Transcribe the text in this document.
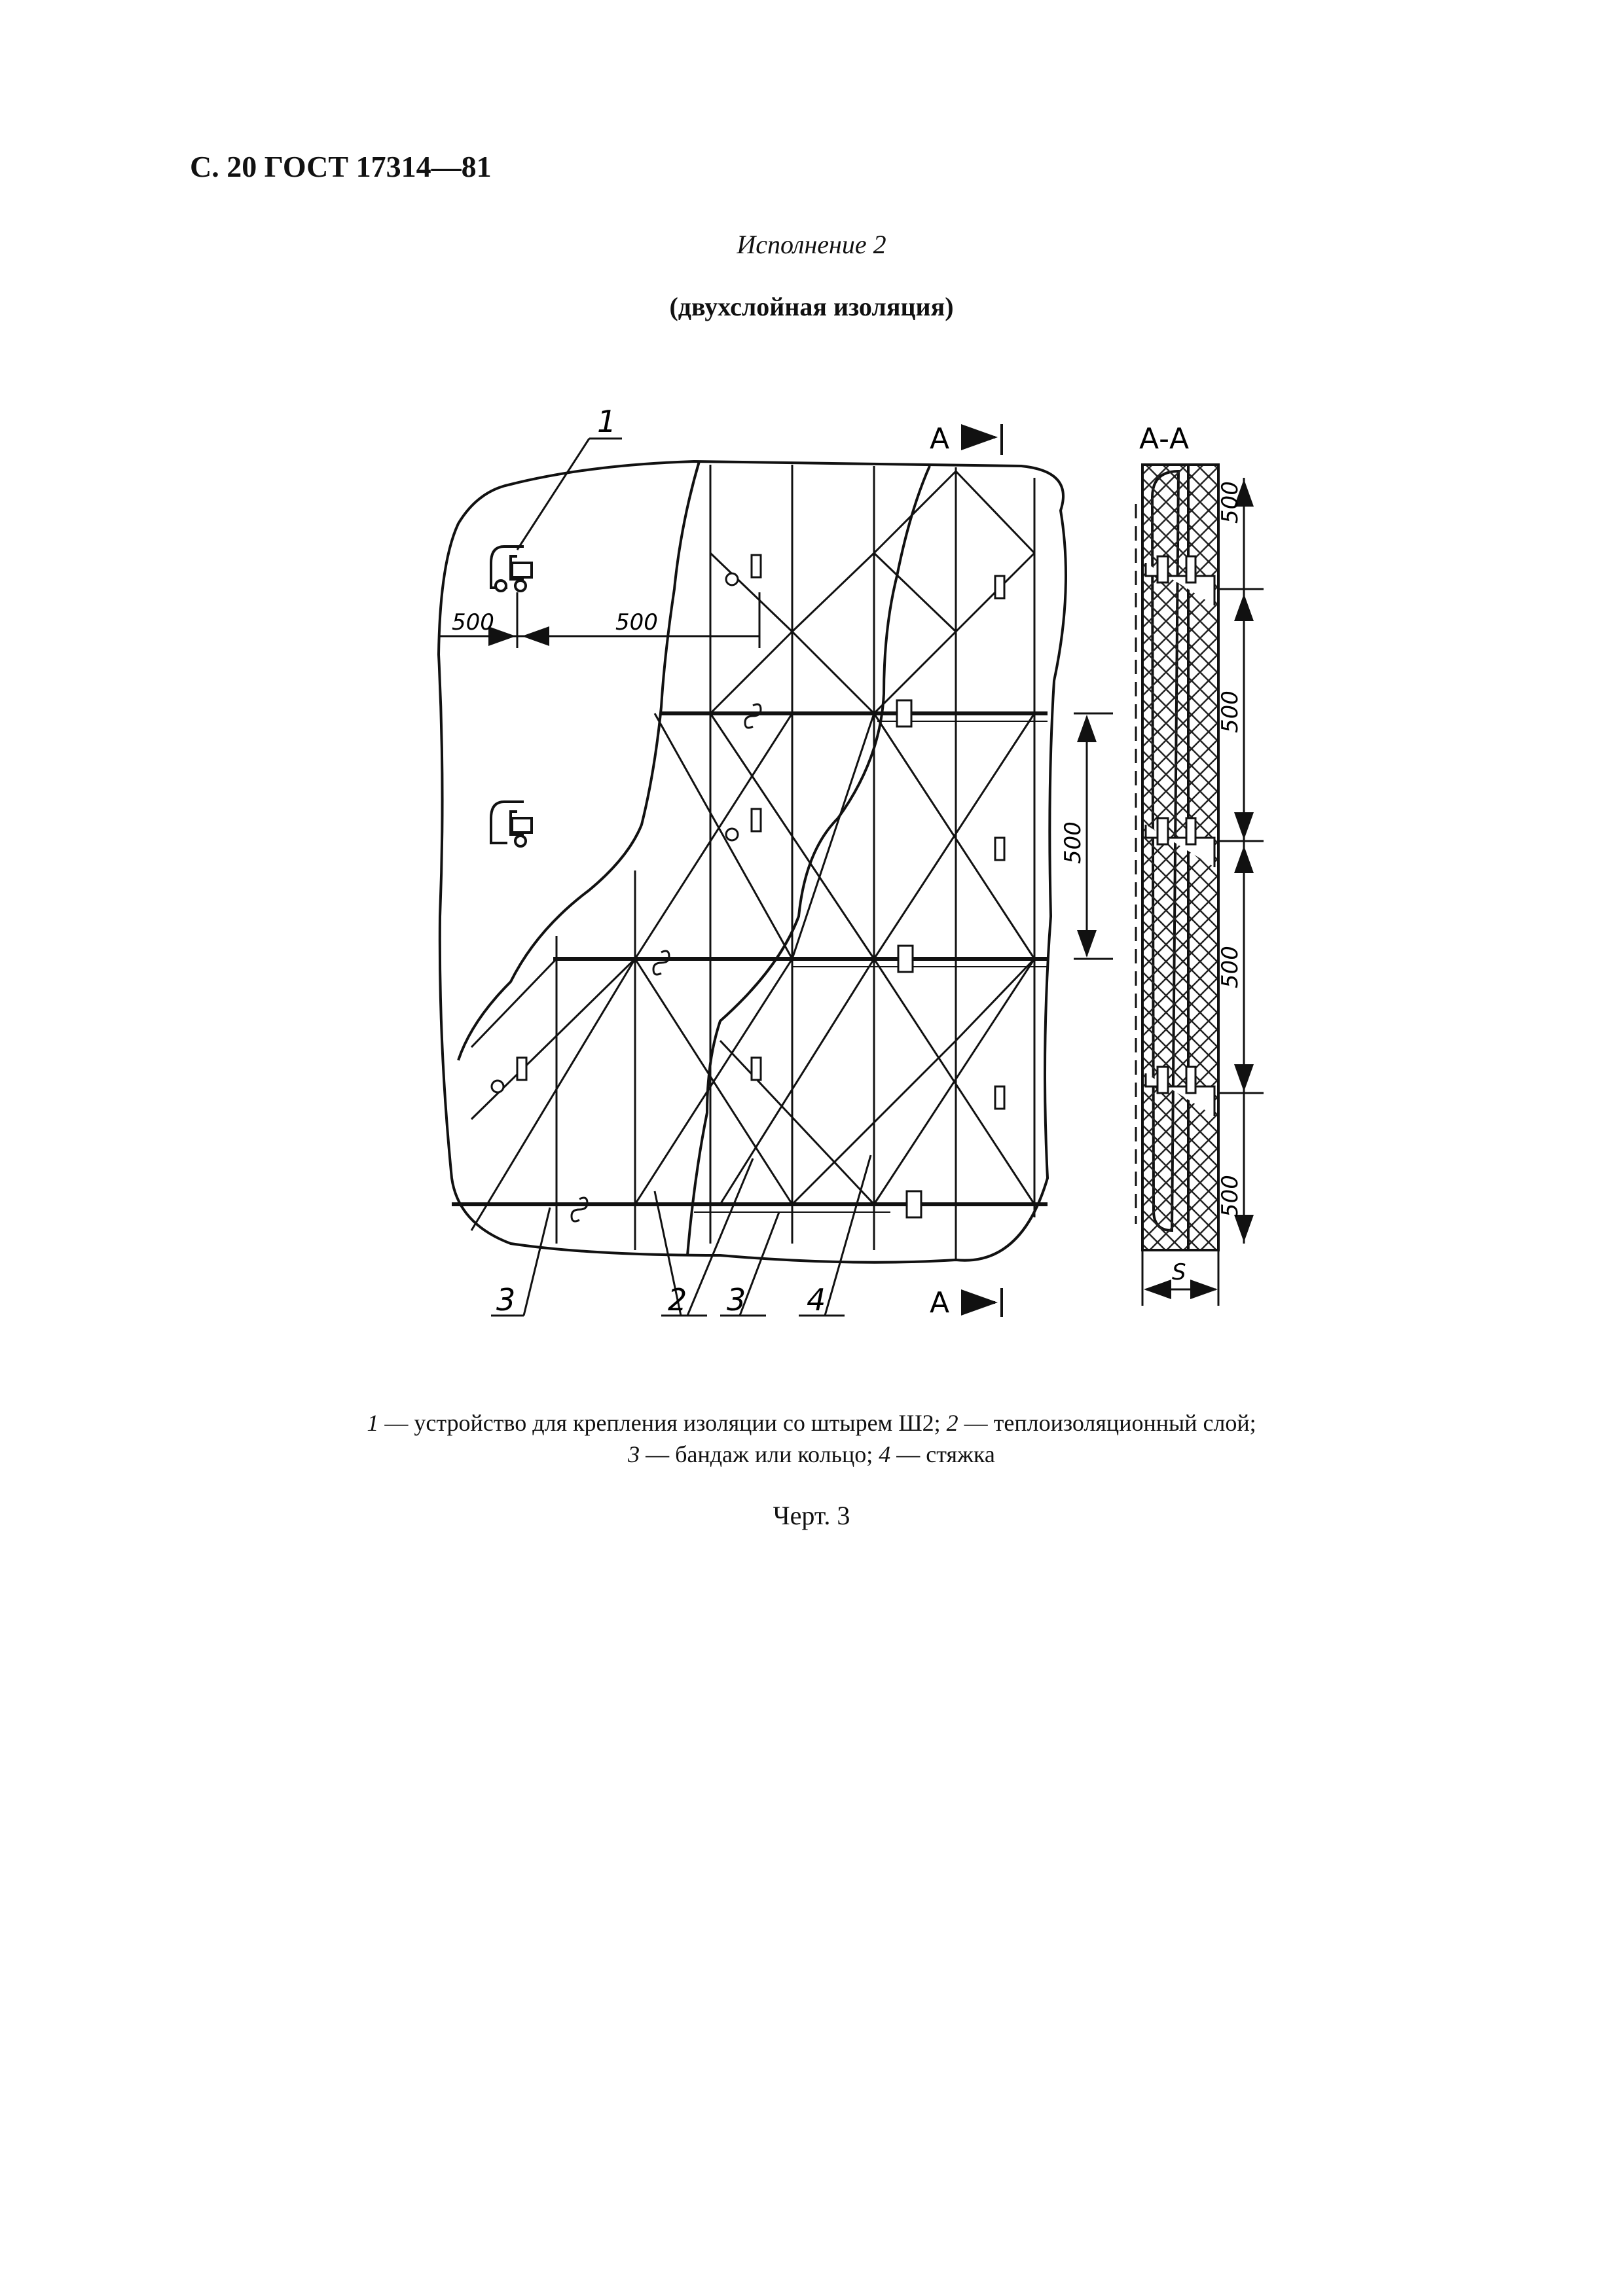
С. 20 ГОСТ 17314—81
Исполнение 2
(двухслойная изоляция)
500	500
500
А
А
А-А
500
500
500
500
S
1
3	2 3 4
1 — устройство для крепления изоляции со штырем Ш2; 2 — теплоизоляционный слой;
3 — бандаж или кольцо; 4 — стяжка
Черт. 3
